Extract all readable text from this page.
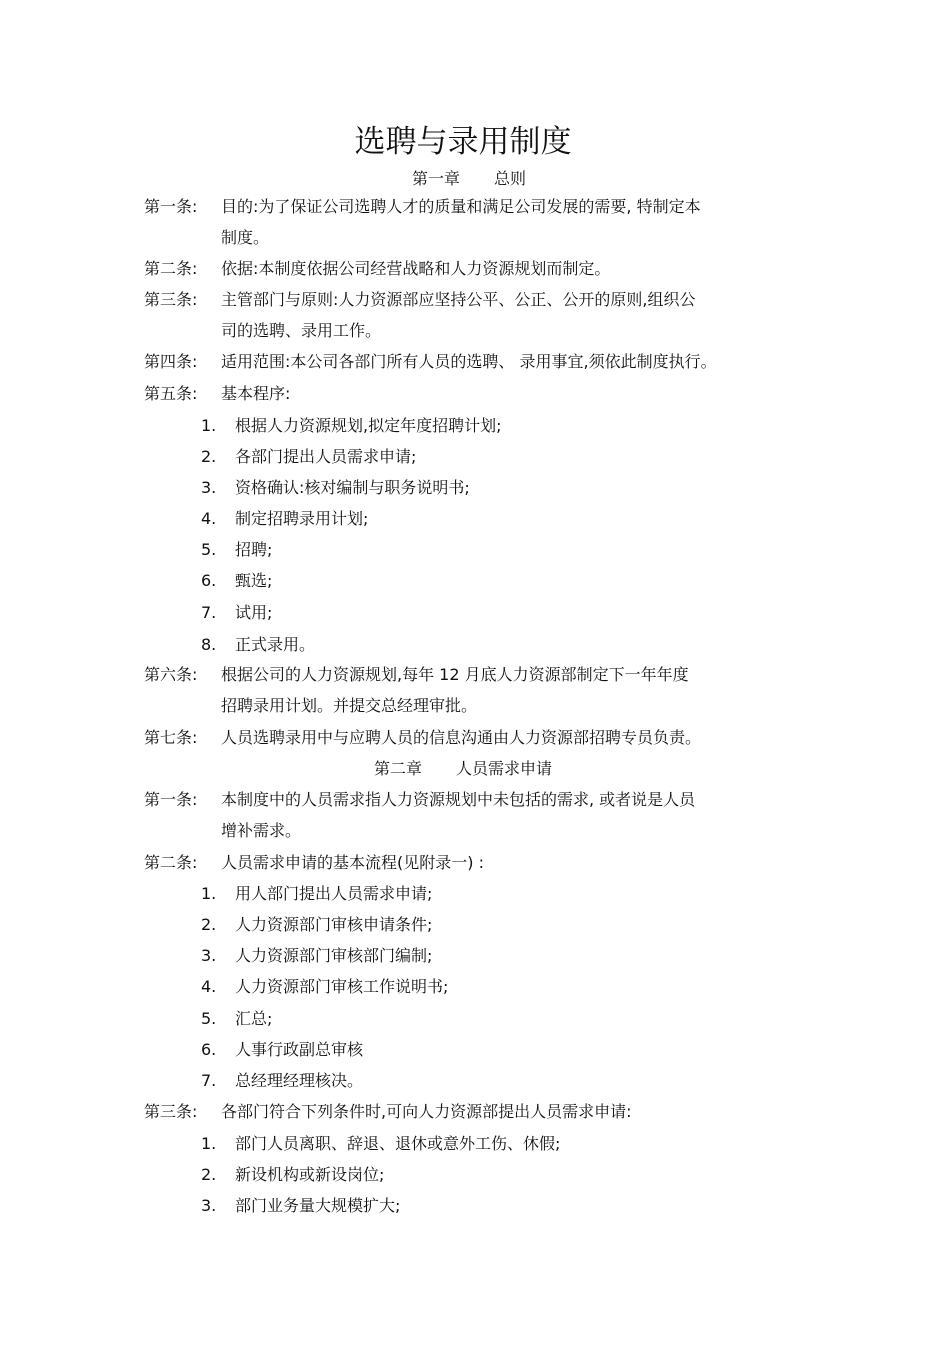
选聘与录用制度
第一章 总则
第一条: 目的:为了保证公司选聘人才的质量和满足公司发展的需要, 特制定本
制度。
第二条: 依据:本制度依据公司经营战略和人力资源规划而制定。
第三条: 主管部门与原则:人力资源部应坚持公平、公正、公开的原则,组织公
司的选聘、录用工作。
第四条: 适用范围:本公司各部门所有人员的选聘、 录用事宜,须依此制度执行。
第五条: 基本程序:
1. 根据人力资源规划,拟定年度招聘计划;
2. 各部门提出人员需求申请;
3. 资格确认:核对编制与职务说明书;
4. 制定招聘录用计划;
5. 招聘;
6. 甄选;
7. 试用;
8. 正式录用。
第六条: 根据公司的人力资源规划,每年 12 月底人力资源部制定下一年年度
招聘录用计划。并提交总经理审批。
第七条: 人员选聘录用中与应聘人员的信息沟通由人力资源部招聘专员负责。
第二章 人员需求申请
第一条: 本制度中的人员需求指人力资源规划中未包括的需求, 或者说是人员
增补需求。
第二条: 人员需求申请的基本流程(见附录一) :
1. 用人部门提出人员需求申请;
2. 人力资源部门审核申请条件;
3. 人力资源部门审核部门编制;
4. 人力资源部门审核工作说明书;
5. 汇总;
6. 人事行政副总审核
7. 总经理经理核决。
第三条: 各部门符合下列条件时,可向人力资源部提出人员需求申请:
1. 部门人员离职、辞退、退休或意外工伤、休假;
2. 新设机构或新设岗位;
3. 部门业务量大规模扩大;
